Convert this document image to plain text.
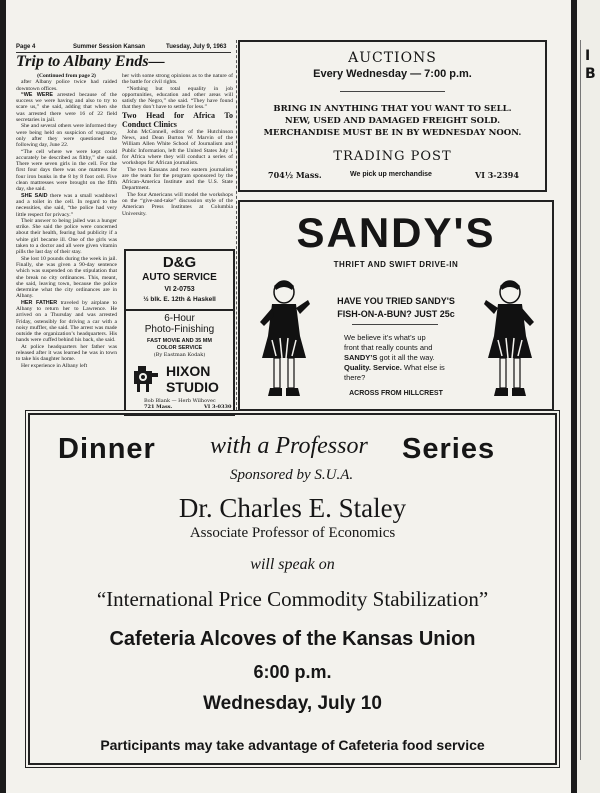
Page 4	Summer Session Kansan	Tuesday, July 9, 1963
Trip to Albany Ends—

(Continued from page 2)

after Albany police twice had raided downtown offices.

“WE WERE arrested because of the success we were having and also to try to scare us,” she said, adding that when she was arrested there were 16 of 22 field secretaries in jail.

She and several others were informed they were being held on suspicion of vagrancy, only after they were questioned the following day, June 22.

“The cell where we were kept could accurately be described as filthy,” she said. There were seven girls in the cell. For the first four days there was one mattress for four iron bunks in the 8 by 8 foot cell. Five clean mattresses were brought on the fifth day, she said.

SHE SAID there was a small washbowl and a toilet in the cell. In regard to the necessities, she said, “the police had very little respect for privacy.”

Their answer to being jailed was a hunger strike. She said the police were concerned about their health, fearing bad publicity if a white girl became ill. One of the girls was taken to a doctor and all were given vitamin pills the last day of their stay.

She lost 10 pounds during the week in jail. Finally, she was given a 90-day sentence which was suspended on the stipulation that she break no city ordinances. This, meant, she said, leaving town, because the police determine what the city ordinances are in Albany.

HER FATHER traveled by airplane to Albany to return her to Lawrence. He arrived on a Thursday and was arrested Friday, ostensibly for driving a car with a noisy muffler, she said. The arrest was made outside the organization’s headquarters. His hands were cuffed behind his back, she said.

At police headquarters her father was released after it was learned he was in town to take his daughter home.

Her experience in Albany left

her with some strong opinions as to the nature of the battle for civil rights.

“Nothing but total equality in job opportunities, education and other areas will satisfy the Negro,” she said. “They have found that they don’t have to settle for less.”

Two Head for Africa To Conduct Clinics

John McConnell, editor of the Hutchinson News, and Dean Burton W. Marvin of the William Allen White School of Journalism and Public Information, left the United States July 1 for Africa where they will conduct a series of workshops for African journalists.

The two Kansans and two eastern journalists are the team for the program sponsored by the African-America Institute and the U.S. State Department.

The four Americans will model the workshops on the “give-and-take” discussion style of the American Press Institutes at Columbia University.

D&G
AUTO SERVICE
VI 2-0753
½ blk. E. 12th & Haskell
6-Hour
Photo-Finishing
FAST MOVIE AND 35 MM
COLOR SERVICE
(By Eastman Kodak)
HIXON
STUDIO
Bob Blank — Herb Wilhovec
721 Mass.	VI 3-0330
AUCTIONS
Every Wednesday — 7:00 p.m.
BRING IN ANYTHING THAT YOU WANT TO SELL.
NEW, USED AND DAMAGED FREIGHT SOLD.
MERCHANDISE MUST BE IN BY WEDNESDAY NOON.
TRADING POST
704½ Mass.	We pick up merchandise	VI 3-2394
SANDY'S
THRIFT AND SWIFT DRIVE-IN
HAVE YOU TRIED SANDY'S
FISH-ON-A-BUN? JUST 25c
We believe it’s what’s up
front that really counts and
SANDY’S got it all the way.
Quality. Service. What else is
there?
ACROSS FROM HILLCREST
Dinner with a Professor Series
Sponsored by S.U.A.
Dr. Charles E. Staley
Associate Professor of Economics
will speak on
“International Price Commodity Stabilization”
Cafeteria Alcoves of the Kansas Union
6:00 p.m.
Wednesday, July 10
Participants may take advantage of Cafeteria food service
I
B
